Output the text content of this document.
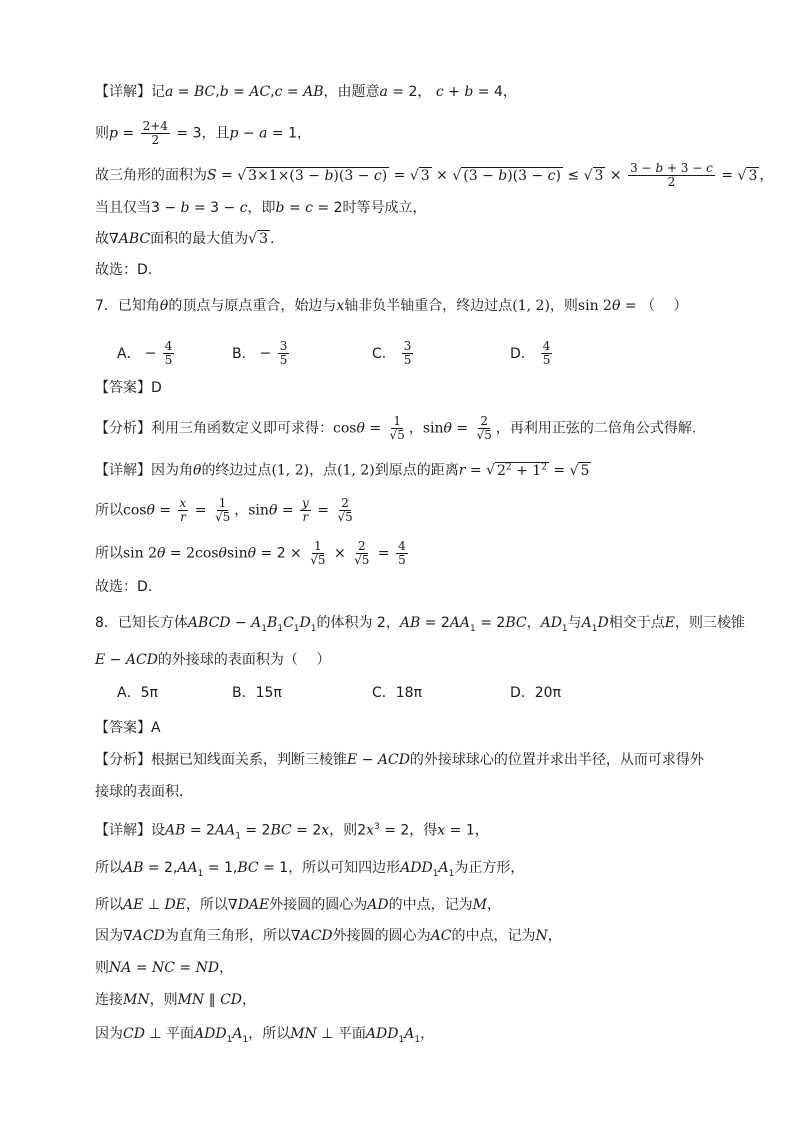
【详解】记a = BC,b = AC,c = AB，由题意a = 2， c + b = 4，
则$p = \frac{2+4}{2} = 3$，且p − a = 1，
故三角形的面积为S = √ 3×1×(3 − b)(3 − c) = √ 3 × √ (3 − b)(3 − c) ≤ √ $3 \times \frac{3 - b + 3 - c}{2}$ = √ 3 ，
当且仅当3 − b = 3 − c，即b = c = 2时等号成立，
故∇ABC面积的最大值为√ 3 .
故选：D.
7．已知角θ的顶点与原点重合，始边与x轴非负半轴重合，终边过点(1, 2)，则sin 2θ = （　 ）
A． − $\frac{4}{5}$	B． − $\frac{3}{5}$	C． $\frac{3}{5}$	D． $\frac{4}{5}$
【答案】D
【分析】利用三角函数定义即可求得：$\cos\theta = \frac{1}{√5}$ ，$\sin\theta = \frac{2}{√5}$ ，再利用正弦的二倍角公式得解.
【详解】因为角θ的终边过点(1, 2)，点(1, 2)到原点的距离r = √ $2^2 + 1^2$ = √ 5
所以$\cos\theta = \frac{x}{r} = \frac{1}{√5}$ ，$\sin\theta = \frac{y}{r} = \frac{2}{√5}$
所以$\sin 2\theta = 2\cos\theta\sin\theta = 2 \times \frac{1}{√5} \times \frac{2}{√5} = \frac{4}{5}$
故选：D.
8．已知长方体ABCD − $A_1B_1C_1D_1$的体积为 2，AB = $2AA_1 = 2BC$，$AD_1$与$A_1D$相交于点E，则三棱锥
E − ACD的外接球的表面积为（　 ）
A．5π	B．15π	C．18π	D．20π
【答案】A
【分析】根据已知线面关系，判断三棱锥E − ACD的外接球球心的位置并求出半径，从而可求得外
接球的表面积.
【详解】设AB = $2AA_1 = 2BC = 2x$，则$2x^3 = 2$，得x = 1，
所以AB = $2,AA_1 = 1,BC = 1$，所以可知四边形$ADD_1A_1$为正方形，
所以AE ⊥ DE，所以∇DAE外接圆的圆心为AD的中点，记为M，
因为∇ACD为直角三角形，所以∇ACD外接圆的圆心为AC的中点，记为N，
则NA = NC = ND，
连接MN，则MN ∥ CD，
因为CD ⊥ 平面$ADD_1A_1$，所以MN ⊥ 平面$ADD_1A_1$，
